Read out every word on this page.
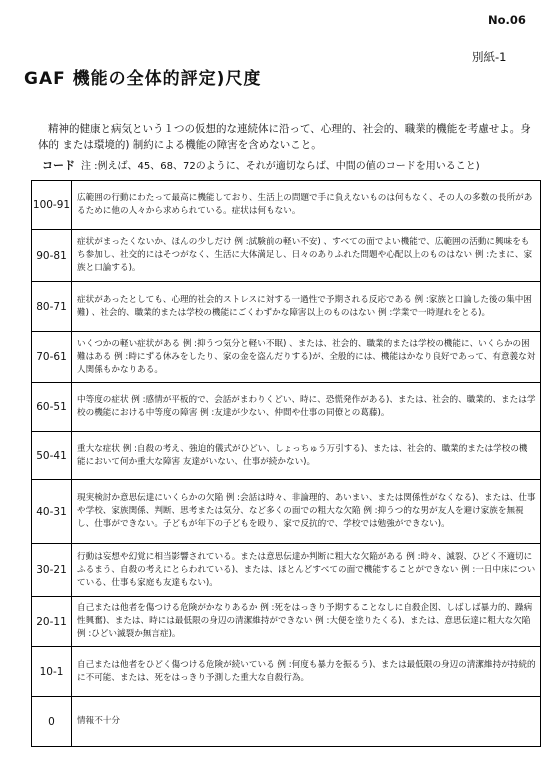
No.06
別紙-1
GAF 機能の全体的評定)尺度
精神的健康と病気という１つの仮想的な連続体に沿って、心理的、社会的、職業的機能を考慮せよ。身体的 または環境的) 制約による機能の障害を含めないこと。
コード 注 :例えば、45、68、72のように、それが適切ならば、中間の値のコードを用いること)
100-91	広範囲の行動にわたって最高に機能しており、生活上の問題で手に負えないものは何もなく、その人の多数の長所があるために他の人々から求められている。症状は何もない。
90-81	症状がまったくないか、ほんの少しだけ 例 :試験前の軽い不安) 、すべての面でよい機能で、広範囲の活動に興味をもち参加し、社交的にはそつがなく、生活に大体満足し、日々のありふれた問題や心配以上のものはない 例 :たまに、家族と口論する)。
80-71	症状があったとしても、心理的社会的ストレスに対する一過性で予期される反応である 例 :家族と口論した後の集中困難) 、社会的、職業的または学校の機能にごくわずかな障害以上のものはない 例 :学業で一時遅れをとる)。
70-61	いくつかの軽い症状がある 例 :抑うつ気分と軽い不眠) 、または、社会的、職業的または学校の機能に、いくらかの困難はある 例 :時にずる休みをしたり、家の金を盗んだりする)が、全般的には、機能はかなり良好であって、有意義な対人関係もかなりある。
60-51	中等度の症状 例 :感情が平板的で、会話がまわりくどい、時に、恐慌発作がある)、または、社会的、職業的、または学校の機能における中等度の障害 例 :友達が少ない、仲間や仕事の同僚との葛藤)。
50-41	重大な症状 例 :自殺の考え、強迫的儀式がひどい、しょっちゅう万引する)、または、社会的、職業的または学校の機能において何か重大な障害 友達がいない、仕事が続かない)。
40-31	現実検討か意思伝達にいくらかの欠陥 例 :会話は時々、非論理的、あいまい、または関係性がなくなる)、または、仕事や学校、家族関係、判断、思考または気分、など多くの面での粗大な欠陥 例 :抑うつ的な男が友人を避け家族を無視し、仕事ができない。子どもが年下の子どもを殴り、家で反抗的で、学校では勉強ができない)。
30-21	行動は妄想や幻覚に相当影響されている。または意思伝達か判断に粗大な欠陥がある 例 :時々、滅裂、ひどく不適切にふるまう、自殺の考えにとらわれている)、または、ほとんどすべての面で機能することができない 例 :一日中床についている、仕事も家庭も友達もない)。
20-11	自己または他者を傷つける危険がかなりあるか 例 :死をはっきり予期することなしに自殺企図、しばしば暴力的、躁病性興奮)、または、時には最低限の身辺の清潔維持ができない 例 :大便を塗りたくる)、または、意思伝達に粗大な欠陥 例 :ひどい滅裂か無言症)。
10-1	自己または他者をひどく傷つける危険が続いている 例 :何度も暴力を振るう)、または最低限の身辺の清潔維持が持続的に不可能、または、死をはっきり予測した重大な自殺行為。
0	情報不十分
